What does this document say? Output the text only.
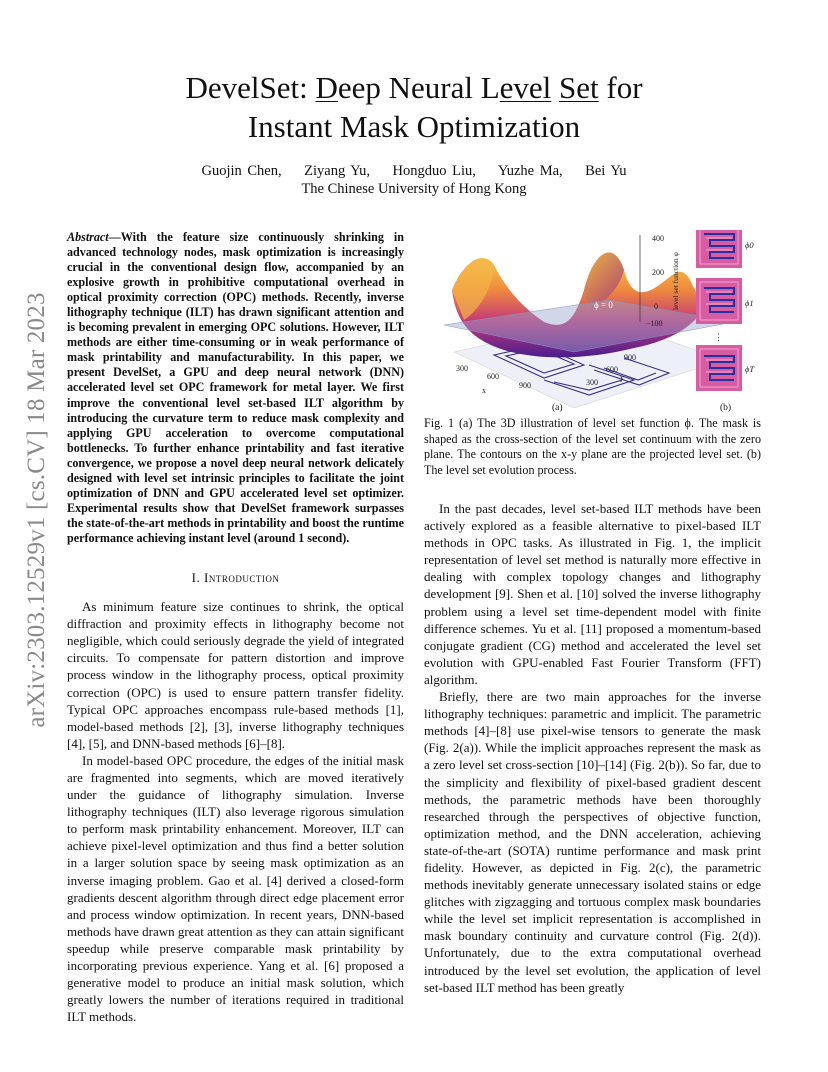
arXiv:2303.12529v1 [cs.CV] 18 Mar 2023
DevelSet: Deep Neural Level Set for
Instant Mask Optimization
Guojin Chen,    Ziyang Yu,    Hongduo Liu,    Yuzhe Ma,    Bei Yu
The Chinese University of Hong Kong

Abstract—With the feature size continuously shrinking in advanced technology nodes, mask optimization is increasingly crucial in the conventional design flow, accompanied by an explosive growth in prohibitive computational overhead in optical proximity correction (OPC) methods. Recently, inverse lithography technique (ILT) has drawn significant attention and is becoming prevalent in emerging OPC solutions. However, ILT methods are either time-consuming or in weak performance of mask printability and manufacturability. In this paper, we present DevelSet, a GPU and deep neural network (DNN) accelerated level set OPC framework for metal layer. We first improve the conventional level set-based ILT algorithm by introducing the curvature term to reduce mask complexity and applying GPU acceleration to overcome computational bottlenecks. To further enhance printability and fast iterative convergence, we propose a novel deep neural network delicately designed with level set intrinsic principles to facilitate the joint optimization of DNN and GPU accelerated level set optimizer. Experimental results show that DevelSet framework surpasses the state-of-the-art methods in printability and boost the runtime performance achieving instant level (around 1 second).

I. Introduction

As minimum feature size continues to shrink, the optical diffraction and proximity effects in lithography become not negligible, which could seriously degrade the yield of integrated circuits. To compensate for pattern distortion and improve process window in the lithography process, optical proximity correction (OPC) is used to ensure pattern transfer fidelity. Typical OPC approaches encompass rule-based methods [1], model-based methods [2], [3], inverse lithography techniques [4], [5], and DNN-based methods [6]–[8].

In model-based OPC procedure, the edges of the initial mask are fragmented into segments, which are moved iteratively under the guidance of lithography simulation. Inverse lithography techniques (ILT) also leverage rigorous simulation to perform mask printability enhancement. Moreover, ILT can achieve pixel-level optimization and thus find a better solution in a larger solution space by seeing mask optimization as an inverse imaging problem. Gao et al. [4] derived a closed-form gradients descent algorithm through direct edge placement error and process window optimization. In recent years, DNN-based methods have drawn great attention as they can attain significant speedup while preserve comparable mask printability by incorporating previous experience. Yang et al. [6] proposed a generative model to produce an initial mask solution, which greatly lowers the number of iterations required in traditional ILT methods.

ϕ = 0
400
200
0
−100
level set function φ
300
600
900
x
300
600
900
y
(a)	(b)
⋮
ϕ0
ϕ1
ϕT
Fig. 1 (a) The 3D illustration of level set function ϕ. The mask is shaped as the cross-section of the level set continuum with the zero plane. The contours on the x-y plane are the projected level set. (b) The level set evolution process.

In the past decades, level set-based ILT methods have been actively explored as a feasible alternative to pixel-based ILT methods in OPC tasks. As illustrated in Fig. 1, the implicit representation of level set method is naturally more effective in dealing with complex topology changes and lithography development [9]. Shen et al. [10] solved the inverse lithography problem using a level set time-dependent model with finite difference schemes. Yu et al. [11] proposed a momentum-based conjugate gradient (CG) method and accelerated the level set evolution with GPU-enabled Fast Fourier Transform (FFT) algorithm.

Briefly, there are two main approaches for the inverse lithography techniques: parametric and implicit. The parametric methods [4]–[8] use pixel-wise tensors to generate the mask (Fig. 2(a)). While the implicit approaches represent the mask as a zero level set cross-section [10]–[14] (Fig. 2(b)). So far, due to the simplicity and flexibility of pixel-based gradient descent methods, the parametric methods have been thoroughly researched through the perspectives of objective function, optimization method, and the DNN acceleration, achieving state-of-the-art (SOTA) runtime performance and mask print fidelity. However, as depicted in Fig. 2(c), the parametric methods inevitably generate unnecessary isolated stains or edge glitches with zigzagging and tortuous complex mask boundaries while the level set implicit representation is accomplished in mask boundary continuity and curvature control (Fig. 2(d)). Unfortunately, due to the extra computational overhead introduced by the level set evolution, the application of level set-based ILT method has been greatly
